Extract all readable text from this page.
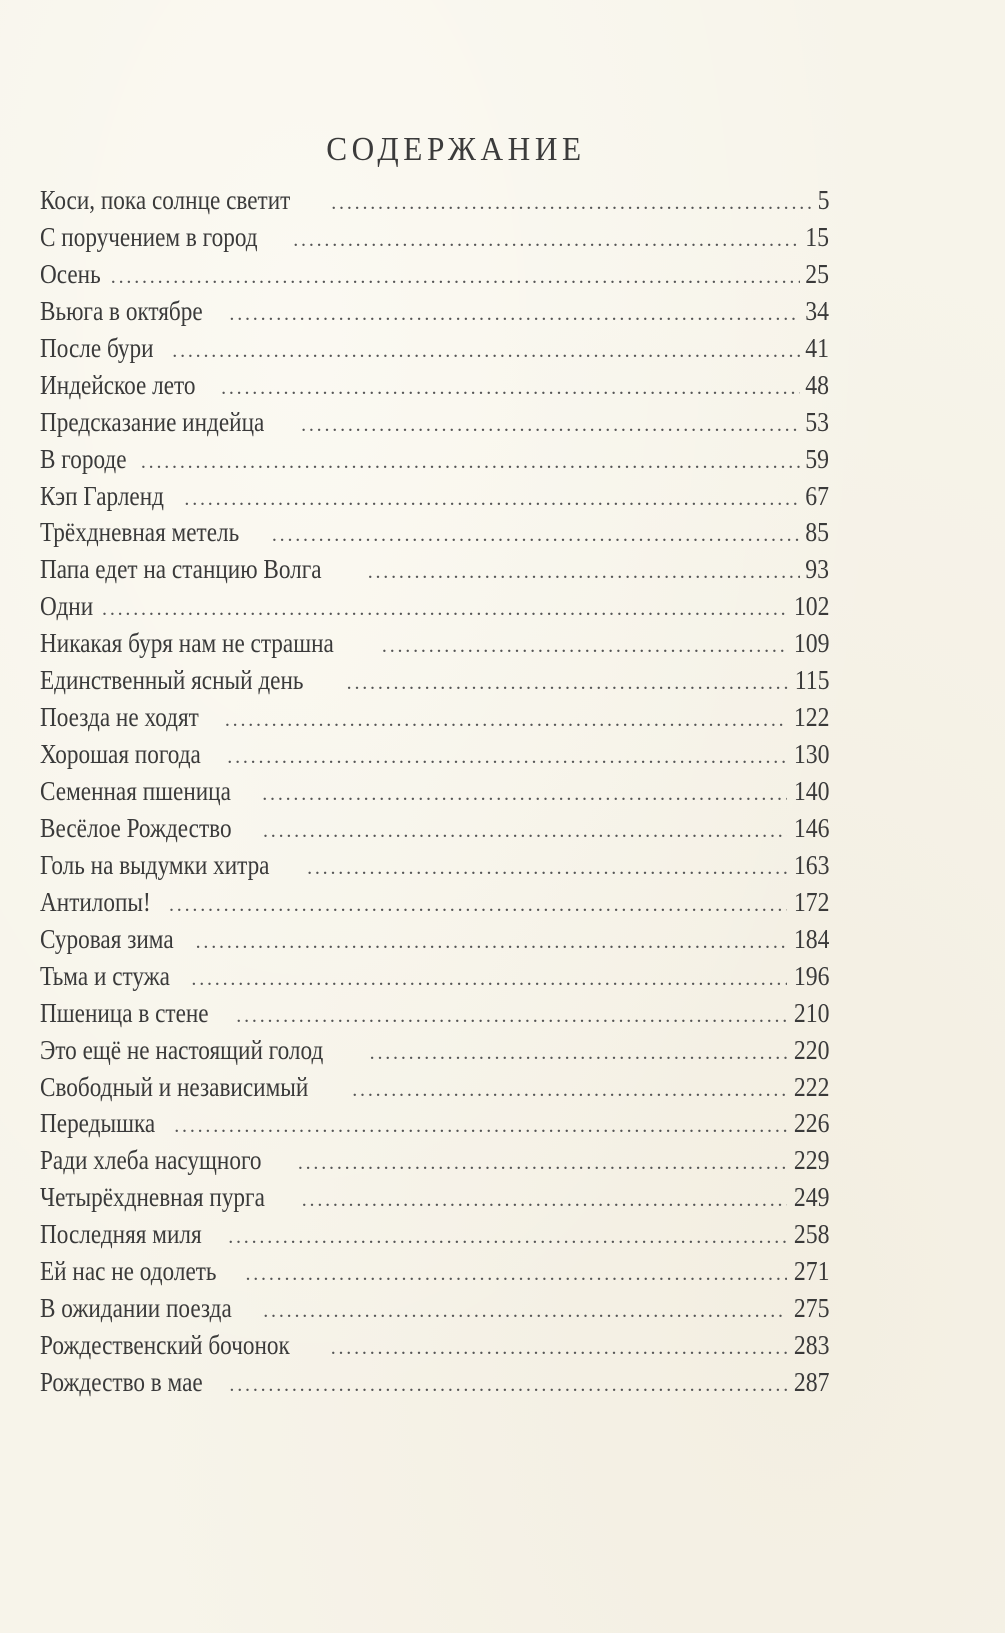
СОДЕРЖАНИЕ
Коси, пока солнце светит . . .	5
С поручением в город . . .	15
Осень . . .	25
Вьюга в октябре . . .	34
После бури . . .	41
Индейское лето . . .	48
Предсказание индейца . . .	53
В городе . . .	59
Кэп Гарленд . . .	67
Трёхдневная метель . . .	85
Папа едет на станцию Волга . . .	93
Одни . . .	102
Никакая буря нам не страшна . . .	109
Единственный ясный день . . .	115
Поезда не ходят . . .	122
Хорошая погода . . .	130
Семенная пшеница . . .	140
Весёлое Рождество . . .	146
Голь на выдумки хитра . . .	163
Антилопы! . . .	172
Суровая зима . . .	184
Тьма и стужа . . .	196
Пшеница в стене . . .	210
Это ещё не настоящий голод . . .	220
Свободный и независимый . . .	222
Передышка . . .	226
Ради хлеба насущного . . .	229
Четырёхдневная пурга . . .	249
Последняя миля . . .	258
Ей нас не одолеть . . .	271
В ожидании поезда . . .	275
Рождественский бочонок . . .	283
Рождество в мае . . .	287
